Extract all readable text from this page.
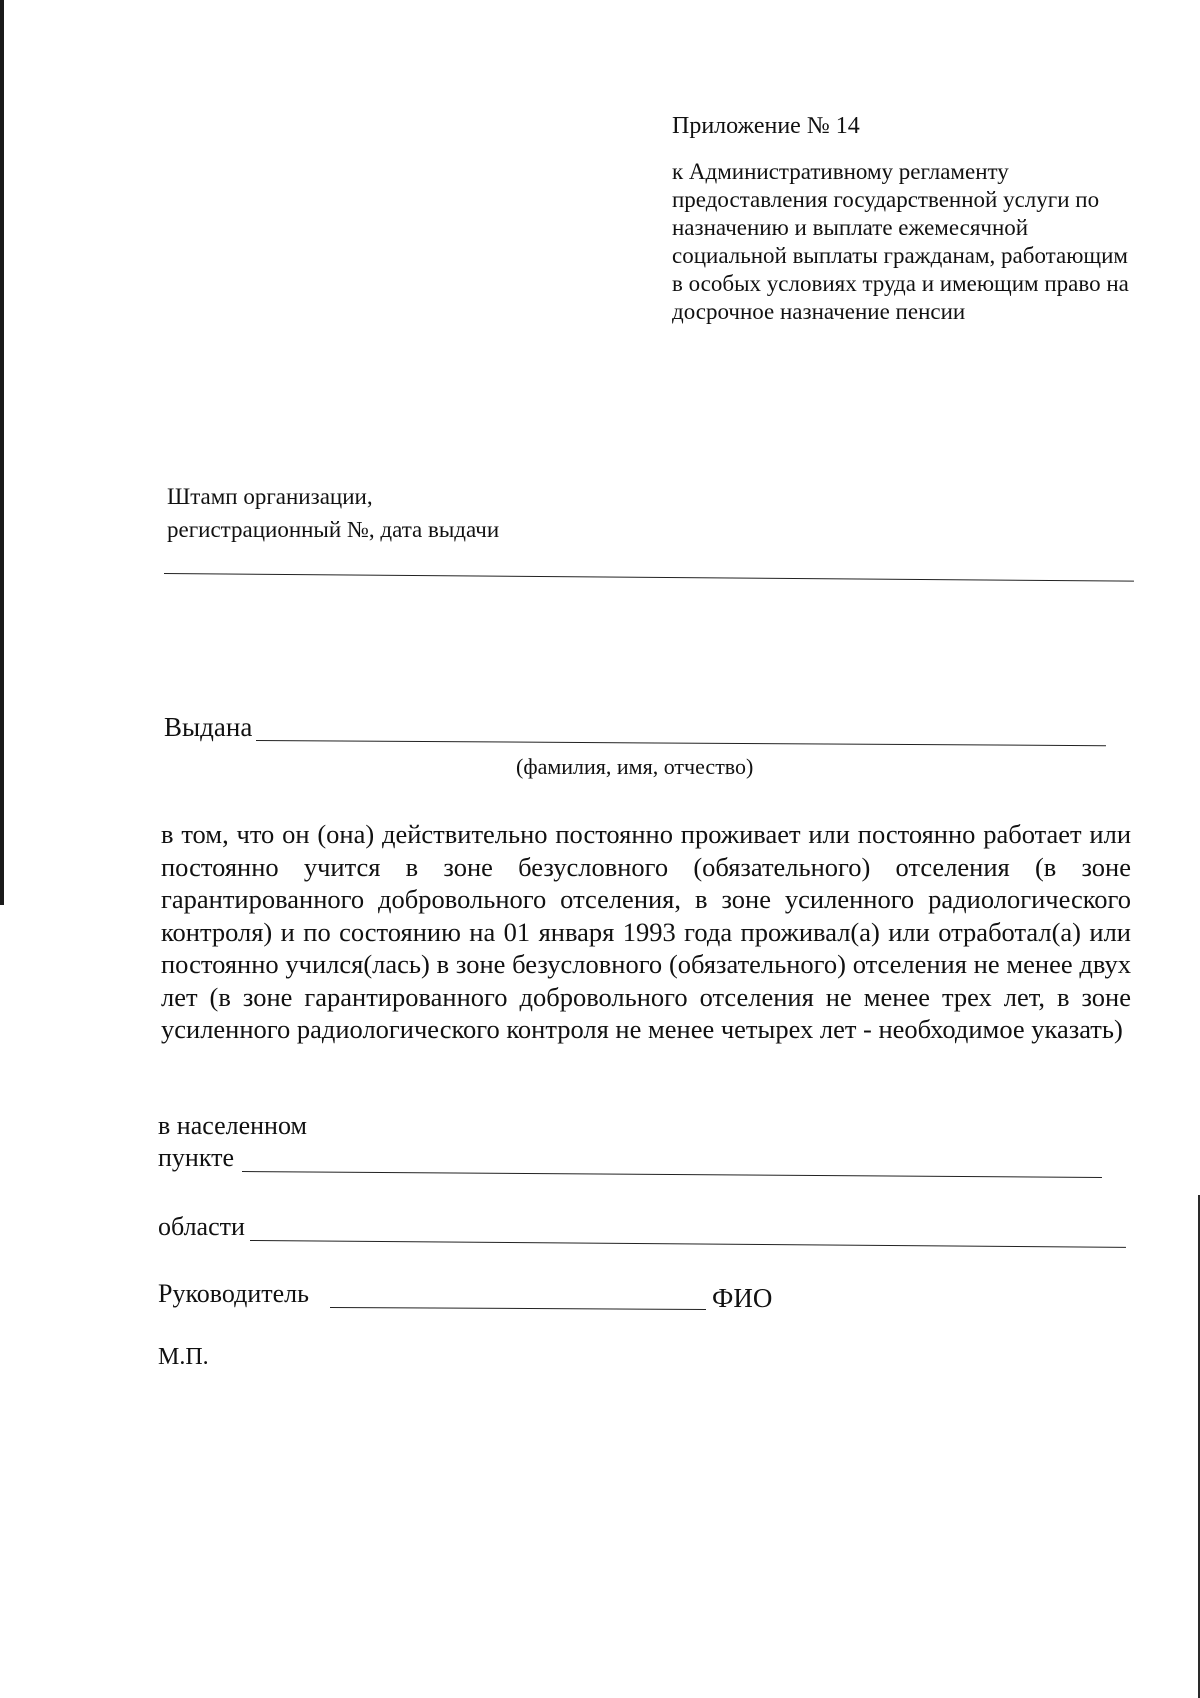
Приложение № 14

к Административному регламенту предоставления государственной услуги по назначению и выплате ежемесячной социальной выплаты гражданам, работающим в особых условиях труда и имеющим право на досрочное назначение пенсии

Штамп организации,
регистрационный №, дата выдачи
Выдана
(фамилия, имя, отчество)

в том, что он (она) действительно постоянно проживает или постоянно работает или постоянно учится в зоне безусловного (обязательного) отселения (в зоне гарантированного добровольного отселения, в зоне усиленного радиологического контроля) и по состоянию на 01 января 1993 года проживал(а) или отработал(а) или постоянно учился(лась) в зоне безусловного (обязательного) отселения не менее двух лет (в зоне гарантированного добровольного отселения не менее трех лет, в зоне усиленного радиологического контроля не менее четырех лет - необходимое указать)

в населенном
пункте
области
Руководитель	ФИО
М.П.
